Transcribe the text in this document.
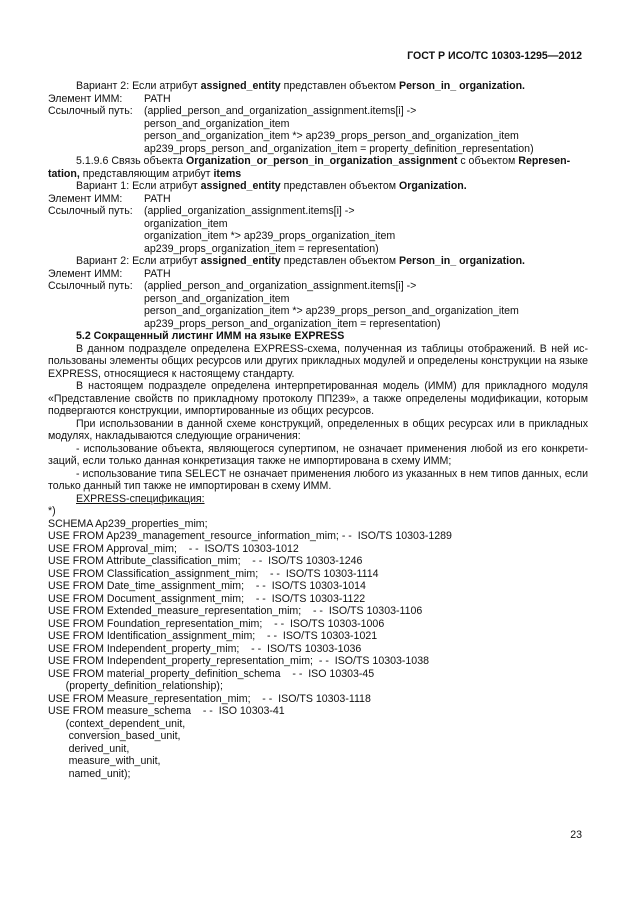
ГОСТ Р ИСО/ТС 10303-1295—2012
Вариант 2: Если атрибут assigned_entity представлен объектом Person_in_ organization.
Элемент ИММ:	PATH
Ссылочный путь:	(applied_person_and_organization_assignment.items[i] ->
person_and_organization_item
person_and_organization_item *> ap239_props_person_and_organization_item
ap239_props_person_and_organization_item = property_definition_representation)
5.1.9.6 Связь объекта Organization_or_person_in_organization_assignment с объектом Represen-
tation, представляющим атрибут items
Вариант 1: Если атрибут assigned_entity представлен объектом Organization.
Элемент ИММ:	PATH
Ссылочный путь:	(applied_organization_assignment.items[i] ->
organization_item
organization_item *> ap239_props_organization_item
ap239_props_organization_item = representation)
Вариант 2: Если атрибут assigned_entity представлен объектом Person_in_ organization.
Элемент ИММ:	PATH
Ссылочный путь:	(applied_person_and_organization_assignment.items[i] ->
person_and_organization_item
person_and_organization_item *> ap239_props_person_and_organization_item
ap239_props_person_and_organization_item = representation)
5.2 Сокращенный листинг ИММ на языке EXPRESS
В данном подразделе определена EXPRESS-схема, полученная из таблицы отображений. В ней ис-пользованы элементы общих ресурсов или других прикладных модулей и определены конструкции на языке EXPRESS, относящиеся к настоящему стандарту.
В настоящем подразделе определена интерпретированная модель (ИММ) для прикладного модуля «Представление свойств по прикладному протоколу ПП239», а также определены модификации, которым подвергаются конструкции, импортированные из общих ресурсов.
При использовании в данной схеме конструкций, определенных в общих ресурсах или в прикладных модулях, накладываются следующие ограничения:
- использование объекта, являющегося супертипом, не означает применения любой из его конкрети-заций, если только данная конкретизация также не импортирована в схему ИММ;
- использование типа SELECT не означает применения любого из указанных в нем типов данных, если только данный тип также не импортирован в схему ИММ.
EXPRESS-спецификация:
*)
SCHEMA Ap239_properties_mim;
USE FROM Ap239_management_resource_information_mim; - -  ISO/TS 10303-1289
USE FROM Approval_mim;    - -  ISO/TS 10303-1012
USE FROM Attribute_classification_mim;    - -  ISO/TS 10303-1246
USE FROM Classification_assignment_mim;    - -  ISO/TS 10303-1114
USE FROM Date_time_assignment_mim;    - -  ISO/TS 10303-1014
USE FROM Document_assignment_mim;    - -  ISO/TS 10303-1122
USE FROM Extended_measure_representation_mim;    - -  ISO/TS 10303-1106
USE FROM Foundation_representation_mim;    - -  ISO/TS 10303-1006
USE FROM Identification_assignment_mim;    - -  ISO/TS 10303-1021
USE FROM Independent_property_mim;    - -  ISO/TS 10303-1036
USE FROM Independent_property_representation_mim;  - -  ISO/TS 10303-1038
USE FROM material_property_definition_schema    - -  ISO 10303-45
(property_definition_relationship);
USE FROM Measure_representation_mim;    - -  ISO/TS 10303-1118
USE FROM measure_schema    - -  ISO 10303-41
(context_dependent_unit,
conversion_based_unit,
derived_unit,
measure_with_unit,
named_unit);
23
